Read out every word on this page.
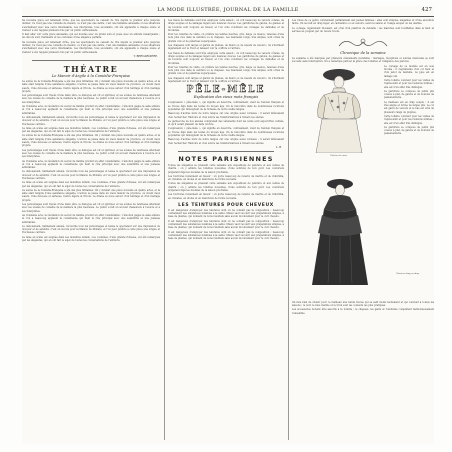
LA MODE ILLUSTRÉE, JOURNAL DE LA FAMILLE	427

Sa nouvelle pièce est tellement drôle, que les spectateurs ne cessent de rire depuis le premier acte jusqu'au dernier. Ce n'est pas une comédie de mœurs, ce n'est pas une satire, c'est une fantaisie amusante où les situations s'enchaînent avec une verve intarissable. Les interprètes, tous excellents, ont été applaudis à chaque scène et l'auteur a été rappelé plusieurs fois par un public enthousiaste.

Il faut aller voir cette pièce amusante, qui est montée avec un grand soin et jouée avec un entrain remarquable ; les décors sont charmants et les costumes d'une élégance parfaite.

Sa nouvelle pièce est tellement drôle, que les spectateurs ne cessent de rire depuis le premier acte jusqu'au dernier. Ce n'est pas une comédie de mœurs, ce n'est pas une satire, c'est une fantaisie amusante où les situations s'enchaînent avec une verve intarissable. Les interprètes, tous excellents, ont été applaudis à chaque scène et l'auteur a été rappelé plusieurs fois par un public enthousiaste.

T. BERNARDIÈRE.
THÉATRE
Le Manoir d'Argile à la Comédie-Française

La soirée de la Comédie-Française a été des plus brillantes. On y donnait une pièce nouvelle en quatre actes, et la salle était remplie d'une assistance élégante. L'action se passe dans un vieux manoir de province, où vivent deux sœurs, l'une dévouée et sérieuse, l'autre légère et frivole. Le drame se noue autour d'un héritage et d'un mariage projeté.

Les personnages sont tracés d'une main sûre, le dialogue est vif et spirituel, et les scènes de tendresse alternent avec les scènes de comédie de la manière la plus heureuse. Le public a fait un accueil chaleureux à l'œuvre et à ses interprètes.

Au troisième acte, la révélation du secret de famille produit un effet considérable ; l'émotion gagne la salle entière et l'on a beaucoup applaudi la comédienne qui tient le rôle principal avec une sensibilité et une justesse admirables.

Le dénouement, habilement amené, réconcilie tous les personnages et laisse le spectateur sur une impression de douceur et de sérénité. C'est un succès pour la Maison de Molière, et l'on peut prédire à cette pièce une longue et fructueuse carrière.

La mise en scène est soignée dans ses moindres détails ; les costumes, d'une grande richesse, ont été remarqués par les élégantes, qui en ont fait le sujet de toutes les conversations de l'entracte.

La soirée de la Comédie-Française a été des plus brillantes. On y donnait une pièce nouvelle en quatre actes, et la salle était remplie d'une assistance élégante. L'action se passe dans un vieux manoir de province, où vivent deux sœurs, l'une dévouée et sérieuse, l'autre légère et frivole. Le drame se noue autour d'un héritage et d'un mariage projeté.

Les personnages sont tracés d'une main sûre, le dialogue est vif et spirituel, et les scènes de tendresse alternent avec les scènes de comédie de la manière la plus heureuse. Le public a fait un accueil chaleureux à l'œuvre et à ses interprètes.

Au troisième acte, la révélation du secret de famille produit un effet considérable ; l'émotion gagne la salle entière et l'on a beaucoup applaudi la comédienne qui tient le rôle principal avec une sensibilité et une justesse admirables.

Le dénouement, habilement amené, réconcilie tous les personnages et laisse le spectateur sur une impression de douceur et de sérénité. C'est un succès pour la Maison de Molière, et l'on peut prédire à cette pièce une longue et fructueuse carrière.

La mise en scène est soignée dans ses moindres détails ; les costumes, d'une grande richesse, ont été remarqués par les élégantes, qui en ont fait le sujet de toutes les conversations de l'entracte.

La soirée de la Comédie-Française a été des plus brillantes. On y donnait une pièce nouvelle en quatre actes, et la salle était remplie d'une assistance élégante. L'action se passe dans un vieux manoir de province, où vivent deux sœurs, l'une dévouée et sérieuse, l'autre légère et frivole. Le drame se noue autour d'un héritage et d'un mariage projeté.

Les personnages sont tracés d'une main sûre, le dialogue est vif et spirituel, et les scènes de tendresse alternent avec les scènes de comédie de la manière la plus heureuse. Le public a fait un accueil chaleureux à l'œuvre et à ses interprètes.

Au troisième acte, la révélation du secret de famille produit un effet considérable ; l'émotion gagne la salle entière et l'on a beaucoup applaudi la comédienne qui tient le rôle principal avec une sensibilité et une justesse admirables.

Le dénouement, habilement amené, réconcilie tous les personnages et laisse le spectateur sur une impression de douceur et de sérénité. C'est un succès pour la Maison de Molière, et l'on peut prédire à cette pièce une longue et fructueuse carrière.

La mise en scène est soignée dans ses moindres détails ; les costumes, d'une grande richesse, ont été remarqués par les élégantes, qui en ont fait le sujet de toutes les conversations de l'entracte.

Les tissus de fantaisie sont très employés cette saison ; on voit beaucoup de velours côtelés, de draps souples et de lainages légers aux nuances douces. Les garnitures de galons, de ganses et de boutons sont toujours en faveur, et l'on orne volontiers les corsages de dentelles et de broderies.

Pour les toilettes de visite, on préfère les teintes neutres, gris, beige ou mauve, relevées d'une note plus vive dans la ceinture ou le chapeau. Les manteaux longs, très amples, sont ornés de grands cols et de pèlerines superposées.

Les chapeaux sont larges et garnis de plumes, de fleurs ou de nœuds de velours ; ils s'inclinent légèrement sur le front et laissent voir la coiffure à l'arrière.

Les tissus de fantaisie sont très employés cette saison ; on voit beaucoup de velours côtelés, de draps souples et de lainages légers aux nuances douces. Les garnitures de galons, de ganses et de boutons sont toujours en faveur, et l'on orne volontiers les corsages de dentelles et de broderies.

Pour les toilettes de visite, on préfère les teintes neutres, gris, beige ou mauve, relevées d'une note plus vive dans la ceinture ou le chapeau. Les manteaux longs, très amples, sont ornés de grands cols et de pèlerines superposées.

Les chapeaux sont larges et garnis de plumes, de fleurs ou de nœuds de velours ; ils s'inclinent légèrement sur le front et laissent voir la coiffure à l'arrière.

PÊLE-MÊLE
Explication des vieux mots français

L'expression « pêle-mêle », qui signifie en désordre, confusément, vient de l'ancien français et se trouve déjà dans les textes du moyen âge. On la rencontre dans de nombreuses locutions populaires qui témoignent de la richesse de notre vieille langue.

Beaucoup d'autres mots de notre langue ont une origine aussi curieuse ; il serait intéressant d'en rechercher l'histoire et d'en suivre les transformations à travers les siècles.

La garde-robe de nos aïeules comprenait des vêtements dont les noms sont aujourd'hui oubliés, et qu'il serait plaisant de faire revivre.

L'expression « pêle-mêle », qui signifie en désordre, confusément, vient de l'ancien français et se trouve déjà dans les textes du moyen âge. On la rencontre dans de nombreuses locutions populaires qui témoignent de la richesse de notre vieille langue.

Beaucoup d'autres mots de notre langue ont une origine aussi curieuse ; il serait intéressant d'en rechercher l'histoire et d'en suivre les transformations à travers les siècles.

L. B.
NOTES PARISIENNES

Toutes les élégantes se pressent cette semaine aux expositions de peinture et aux ventes de charité ; on y admire les toilettes nouvelles, d'une sobriété de bon goût. Les couturiers préparent déjà les modèles de la saison prochaine.

Les fourrures reviennent en faveur : on porte beaucoup de renard, de martre et de chinchilla, en cravates, en étoles et en manchons de forme nouvelle.

Toutes les élégantes se pressent cette semaine aux expositions de peinture et aux ventes de charité ; on y admire les toilettes nouvelles, d'une sobriété de bon goût. Les couturiers préparent déjà les modèles de la saison prochaine.

Les fourrures reviennent en faveur : on porte beaucoup de renard, de martre et de chinchilla, en cravates, en étoles et en manchons de forme nouvelle.

LES TEINTURES POUR CHEVEUX

Il est dangereux d'employer des teintures dont on ne connaît pas la composition ; beaucoup contiennent des substances nuisibles à la santé. Mieux vaut recourir aux préparations simples, à base de plantes, qui donnent de bons résultats sans aucun inconvénient pour le cuir chevelu.

Il est dangereux d'employer des teintures dont on ne connaît pas la composition ; beaucoup contiennent des substances nuisibles à la santé. Mieux vaut recourir aux préparations simples, à base de plantes, qui donnent de bons résultats sans aucun inconvénient pour le cuir chevelu.

Il est dangereux d'employer des teintures dont on ne connaît pas la composition ; beaucoup contiennent des substances nuisibles à la santé. Mieux vaut recourir aux préparations simples, à base de plantes, qui donnent de bons résultats sans aucun inconvénient pour le cuir chevelu.

Les robes de ce genre conviennent parfaitement aux jeunes femmes ; elles sont simples, élégantes et d'une exécution facile. On les fait en drap léger, en cachemire ou en velours, selon la saison et l'usage auquel on les destine.

Le corsage, légèrement blousant, est orné d'un plastron de dentelle ; les manches sont bouffantes dans le haut et serrées au poignet par un revers brodé.

Chronique de la semaine

La semaine a été marquée par plusieurs événements mondains : mariages, réceptions et soirées musicales se sont succédé sans interruption. On a remarqué partout la grâce des toilettes et l'élégance des parures.

Le corsage de ce modèle est en soie brodée ; il s'agrémente d'un col haut et d'un jabot de dentelle. La jupe est en lainage uni.

Cette toilette convient pour les visites de l'après-midi et pour les réunions intimes ; elle est d'un effet très distingué.

La garniture se compose de petits plis cousus à plat, de galons et de boutons de passementerie.

Le manteau est en drap souple ; il est très ample et forme de larges plis. Le col est garni de velours et le bas est orné de plusieurs rangs de piqûres.

Cette toilette convient pour les visites de l'après-midi et pour les réunions intimes ; elle est d'un effet très distingué.

La garniture se compose de petits plis cousus à plat, de galons et de boutons de passementerie.

Toilette de visite.
Manteau long en drap.

On fera bien de choisir pour ce manteau une teinte foncée qui se salit moins facilement et qui convient à toutes les saisons ; le noir, le bleu marine et le brun sont les couleurs les plus pratiques.

Les accessoires doivent être assortis à la toilette ; le chapeau, les gants et l'ombrelle complètent harmonieusement l'ensemble.
